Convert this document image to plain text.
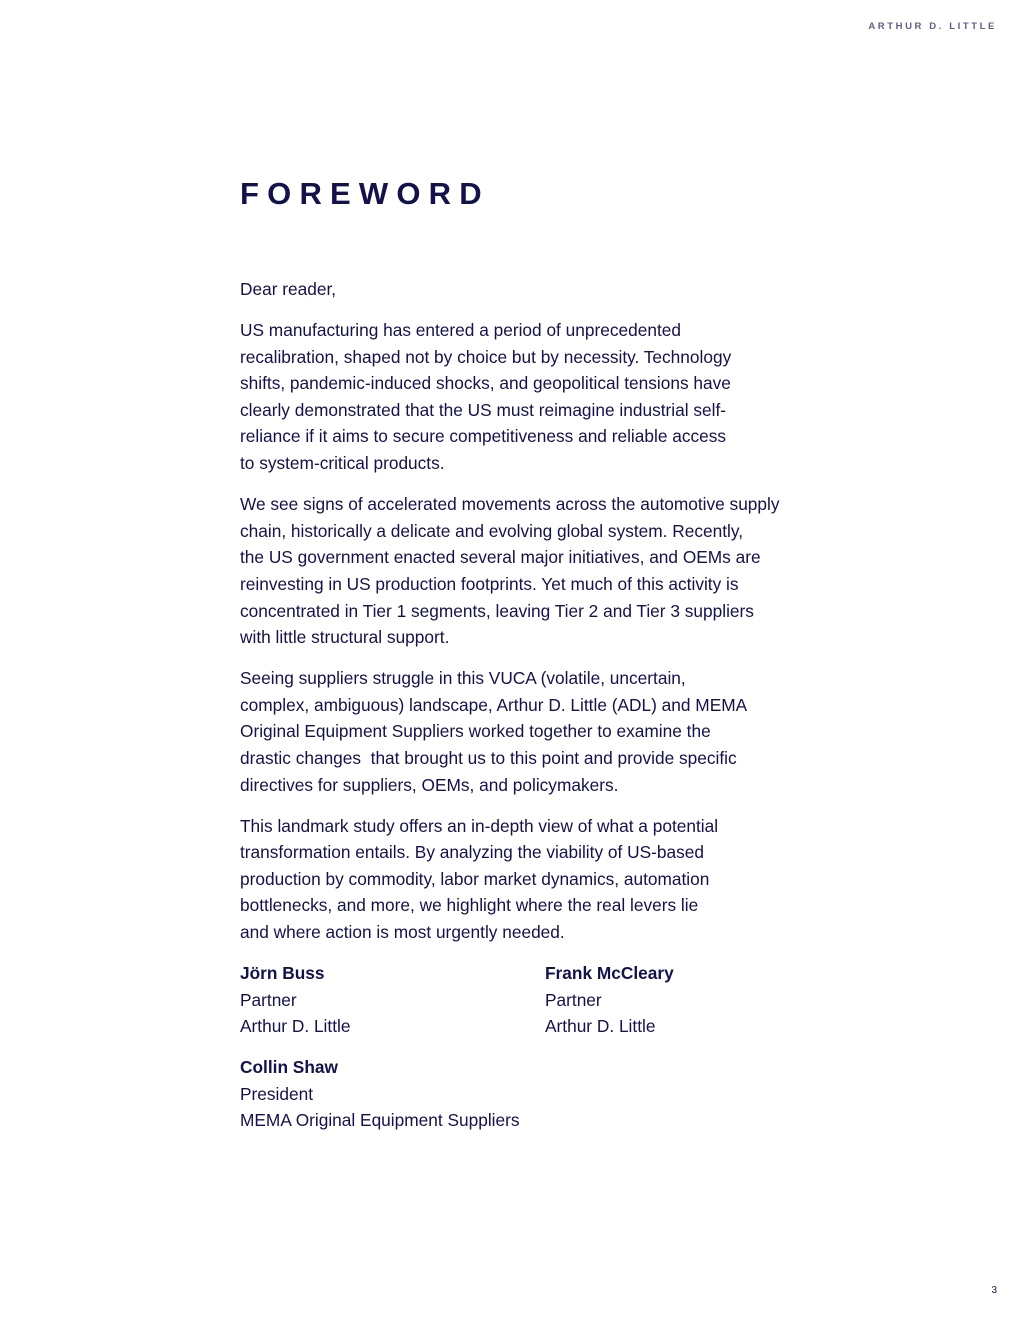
ARTHUR D. LITTLE
FOREWORD

Dear reader,

US manufacturing has entered a period of unprecedented
recalibration, shaped not by choice but by necessity. Technology
shifts, pandemic-induced shocks, and geopolitical tensions have
clearly demonstrated that the US must reimagine industrial self-
reliance if it aims to secure competitiveness and reliable access
to system-critical products.

We see signs of accelerated movements across the automotive supply
chain, historically a delicate and evolving global system. Recently,
the US government enacted several major initiatives, and OEMs are
reinvesting in US production footprints. Yet much of this activity is
concentrated in Tier 1 segments, leaving Tier 2 and Tier 3 suppliers
with little structural support.

Seeing suppliers struggle in this VUCA (volatile, uncertain,
complex, ambiguous) landscape, Arthur D. Little (ADL) and MEMA
Original Equipment Suppliers worked together to examine the
drastic changes  that brought us to this point and provide specific
directives for suppliers, OEMs, and policymakers.

This landmark study offers an in-depth view of what a potential
transformation entails. By analyzing the viability of US-based
production by commodity, labor market dynamics, automation
bottlenecks, and more, we highlight where the real levers lie
and where action is most urgently needed.

Jörn Buss
Partner
Arthur D. Little
Frank McCleary
Partner
Arthur D. Little
Collin Shaw
President
MEMA Original Equipment Suppliers
3
